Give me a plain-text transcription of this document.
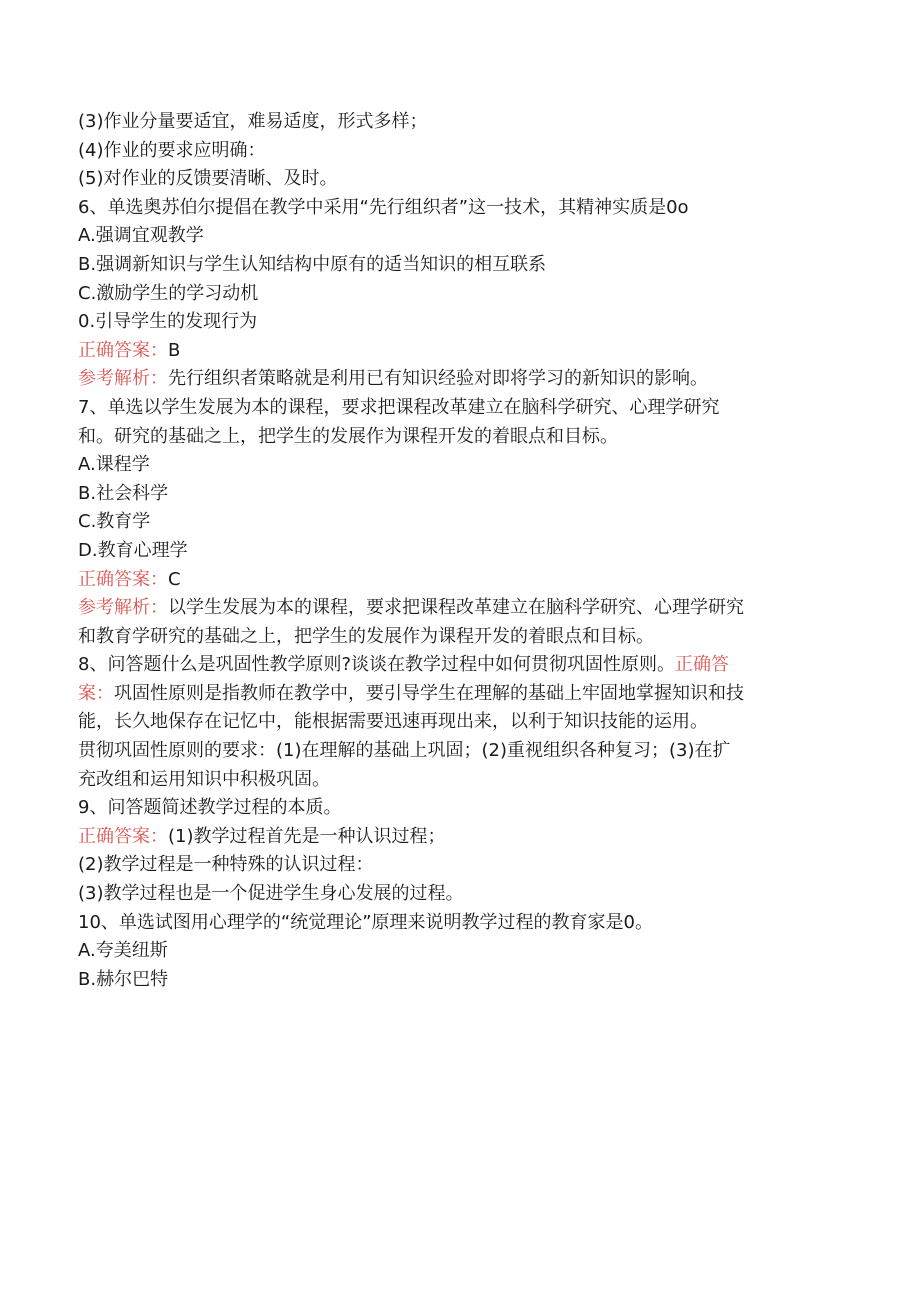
(3)作业分量要适宜，难易适度，形式多样；
(4)作业的要求应明确：
(5)对作业的反馈要清晰、及时。
6、单选奥苏伯尔提倡在教学中采用“先行组织者”这一技术，其精神实质是0o
A.强调宜观教学
B.强调新知识与学生认知结构中原有的适当知识的相互联系
C.激励学生的学习动机
0.引导学生的发现行为
正确答案：B
参考解析：先行组织者策略就是利用已有知识经验对即将学习的新知识的影响。
7、单选以学生发展为本的课程，要求把课程改革建立在脑科学研究、心理学研究
和。研究的基础之上，把学生的发展作为课程开发的着眼点和目标。
A.课程学
B.社会科学
C.教育学
D.教育心理学
正确答案：C
参考解析：以学生发展为本的课程，要求把课程改革建立在脑科学研究、心理学研究
和教育学研究的基础之上，把学生的发展作为课程开发的着眼点和目标。
8、问答题什么是巩固性教学原则?谈谈在教学过程中如何贯彻巩固性原则。正确答
案：巩固性原则是指教师在教学中，要引导学生在理解的基础上牢固地掌握知识和技
能，长久地保存在记忆中，能根据需要迅速再现出来，以利于知识技能的运用。
贯彻巩固性原则的要求：(1)在理解的基础上巩固；(2)重视组织各种复习；(3)在扩
充改组和运用知识中积极巩固。
9、问答题简述教学过程的本质。
正确答案：(1)教学过程首先是一种认识过程；
(2)教学过程是一种特殊的认识过程：
(3)教学过程也是一个促进学生身心发展的过程。
10、单选试图用心理学的“统觉理论”原理来说明教学过程的教育家是0。
A.夸美纽斯
B.赫尔巴特
